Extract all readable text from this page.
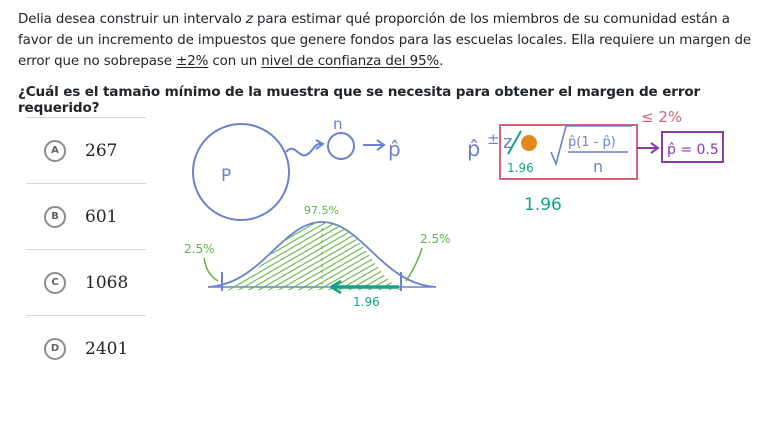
Delia desea construir un intervalo z para estimar qué proporción de los miembros de su comunidad están a favor de un incremento de impuestos que genere fondos para las escuelas locales. Ella requiere un margen de error que no sobrepase ±2% con un nivel de confianza del 95%.
¿Cuál es el tamaño mínimo de la muestra que se necesita para obtener el margen de error requerido?
A	267
B	601
C	1068
D	2401
P
n
p̂	p̂ ± z
1.96
p̂(1 - p̂)
n
≤ 2%
p̂ = 0.5
1.96
97.5%
2.5%
2.5%
1.96
